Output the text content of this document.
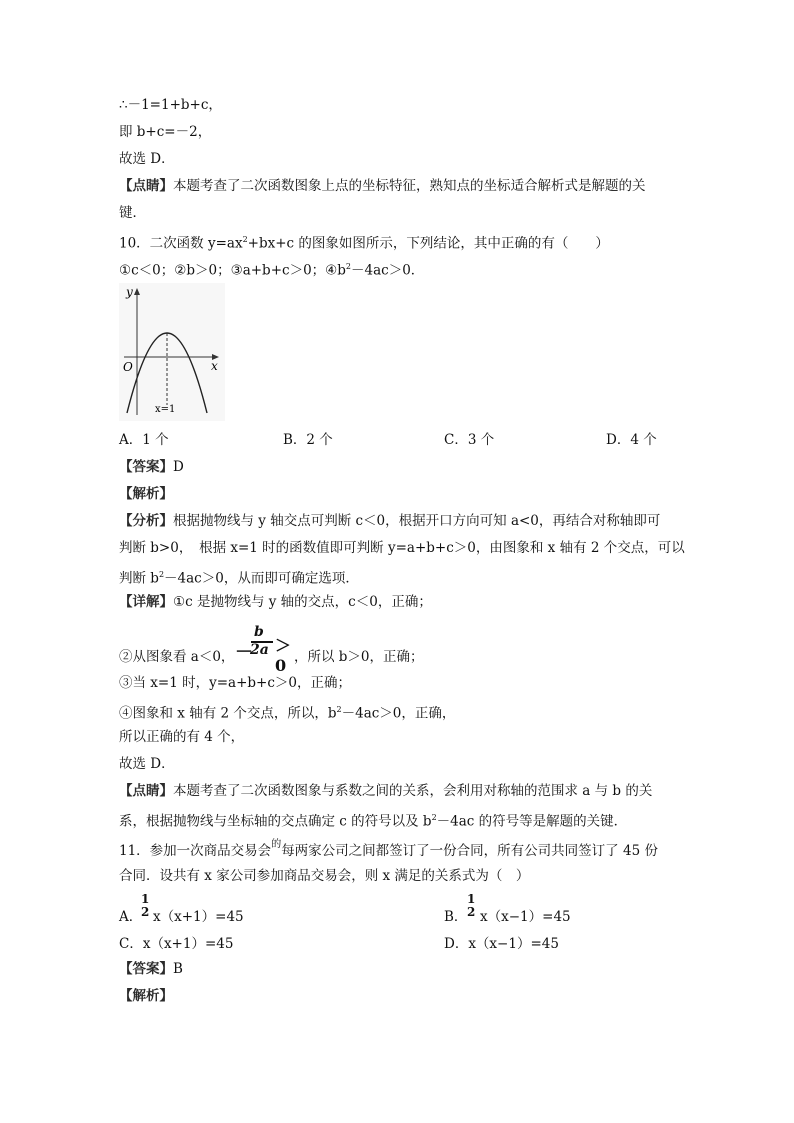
∴－1=1+b+c，
即 b+c=－2，
故选 D．
【点睛】本题考查了二次函数图象上点的坐标特征，熟知点的坐标适合解析式是解题的关
键．
10．二次函数 $y=ax^2+bx+c$ 的图象如图所示，下列结论，其中正确的有（　　）
①c＜0；②b＞0；③a+b+c＞0；$④b^2-4ac>0$．
y
x
O
x=1
A．1 个	B．2 个	C．3 个	D．4 个
【答案】D
【解析】
【分析】根据抛物线与 y 轴交点可判断 c＜0，根据开口方向可知 a<0，再结合对称轴即可
判断 b>0，　根据 x=1 时的函数值即可判断 y=a+b+c＞0，由图象和 x 轴有 2 个交点，可以
判断 $b^2-4ac>0$，从而即可确定选项．
【详解】①c 是抛物线与 y 轴的交点，c＜0，正确；
②从图象看 a＜0， －
b
2a ＞0 ，所以 b＞0，正确；
③当 x=1 时，y=a+b+c＞0，正确；
④图象和 x 轴有 2 个交点，所以，$b^2-4ac>0$，正确，
所以正确的有 4 个，
故选 D．
【点睛】本题考查了二次函数图象与系数之间的关系，会利用对称轴的范围求 a 与 b 的关
系，根据抛物线与坐标轴的交点确定 c 的符号以及 $b^2-4ac$ 的符号等是解题的关键．
11．参加一次商品交易会$^的$每两家公司之间都签订了一份合同，所有公司共同签订了 45 份
合同．设共有 x 家公司参加商品交易会，则 x 满足的关系式为（　）
A．
1
2 x（x+1）=45	B．
1
2 x（x−1）=45
C．x（x+1）=45	D．x（x−1）=45
【答案】B
【解析】
